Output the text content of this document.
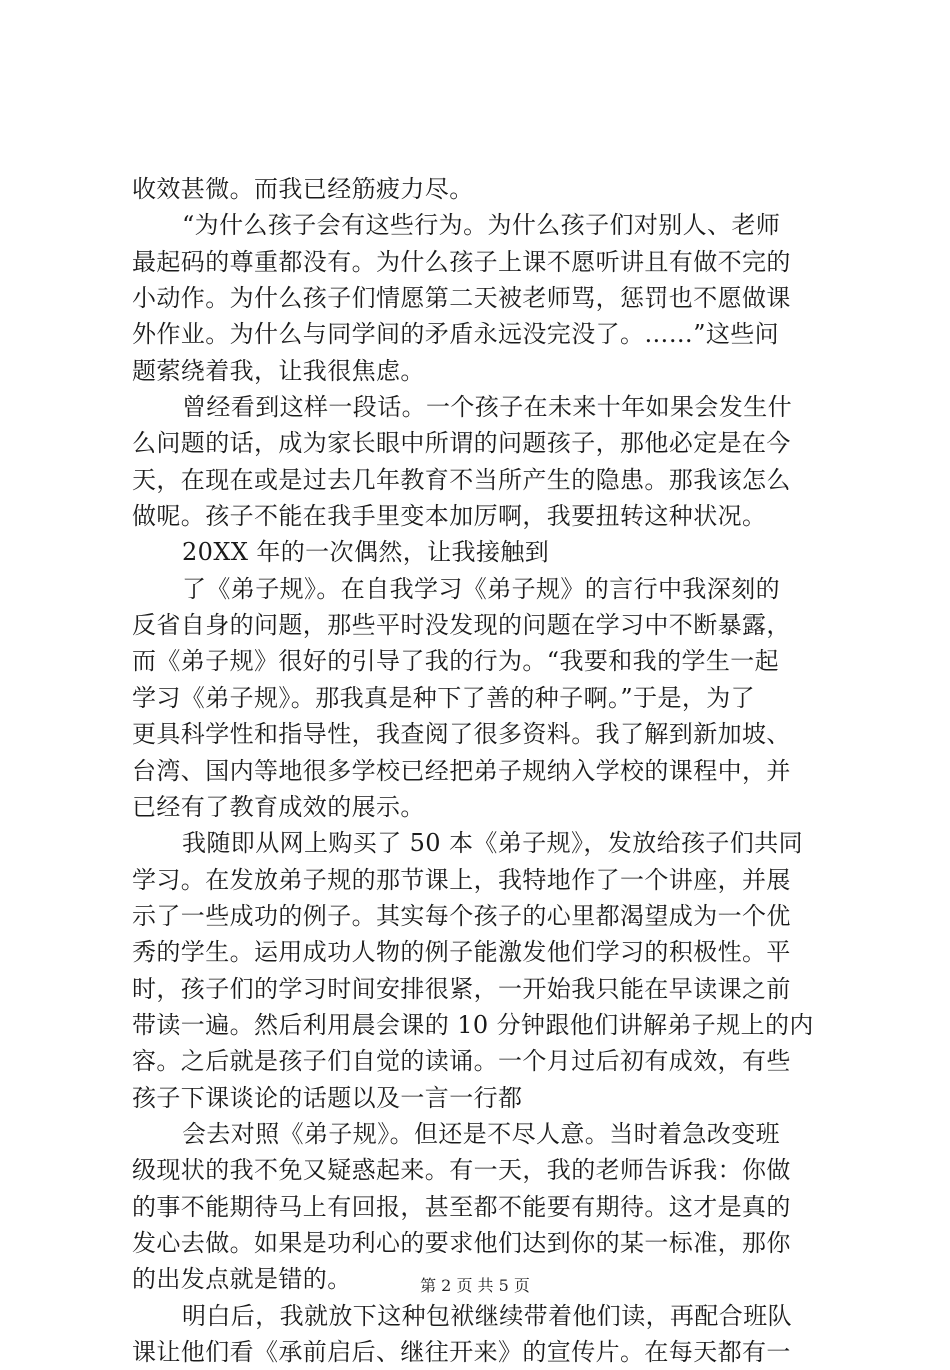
收效甚微。而我已经筋疲力尽。
“为什么孩子会有这些行为。为什么孩子们对别人、老师
最起码的尊重都没有。为什么孩子上课不愿听讲且有做不完的
小动作。为什么孩子们情愿第二天被老师骂，惩罚也不愿做课
外作业。为什么与同学间的矛盾永远没完没了。……”这些问
题萦绕着我，让我很焦虑。
曾经看到这样一段话。一个孩子在未来十年如果会发生什
么问题的话，成为家长眼中所谓的问题孩子，那他必定是在今
天，在现在或是过去几年教育不当所产生的隐患。那我该怎么
做呢。孩子不能在我手里变本加厉啊，我要扭转这种状况。
20XX 年的一次偶然，让我接触到
了《弟子规》。在自我学习《弟子规》的言行中我深刻的
反省自身的问题，那些平时没发现的问题在学习中不断暴露，
而《弟子规》很好的引导了我的行为。“我要和我的学生一起
学习《弟子规》。那我真是种下了善的种子啊。”于是，为了
更具科学性和指导性，我查阅了很多资料。我了解到新加坡、
台湾、国内等地很多学校已经把弟子规纳入学校的课程中，并
已经有了教育成效的展示。
我随即从网上购买了 50 本《弟子规》，发放给孩子们共同
学习。在发放弟子规的那节课上，我特地作了一个讲座，并展
示了一些成功的例子。其实每个孩子的心里都渴望成为一个优
秀的学生。运用成功人物的例子能激发他们学习的积极性。平
时，孩子们的学习时间安排很紧，一开始我只能在早读课之前
带读一遍。然后利用晨会课的 10 分钟跟他们讲解弟子规上的内
容。之后就是孩子们自觉的读诵。一个月过后初有成效，有些
孩子下课谈论的话题以及一言一行都
会去对照《弟子规》。但还是不尽人意。当时着急改变班
级现状的我不免又疑惑起来。有一天，我的老师告诉我：你做
的事不能期待马上有回报，甚至都不能要有期待。这才是真的
发心去做。如果是功利心的要求他们达到你的某一标准，那你
的出发点就是错的。
明白后，我就放下这种包袱继续带着他们读，再配合班队
课让他们看《承前启后、继往开来》的宣传片。在每天都有一
第 2 页 共 5 页
